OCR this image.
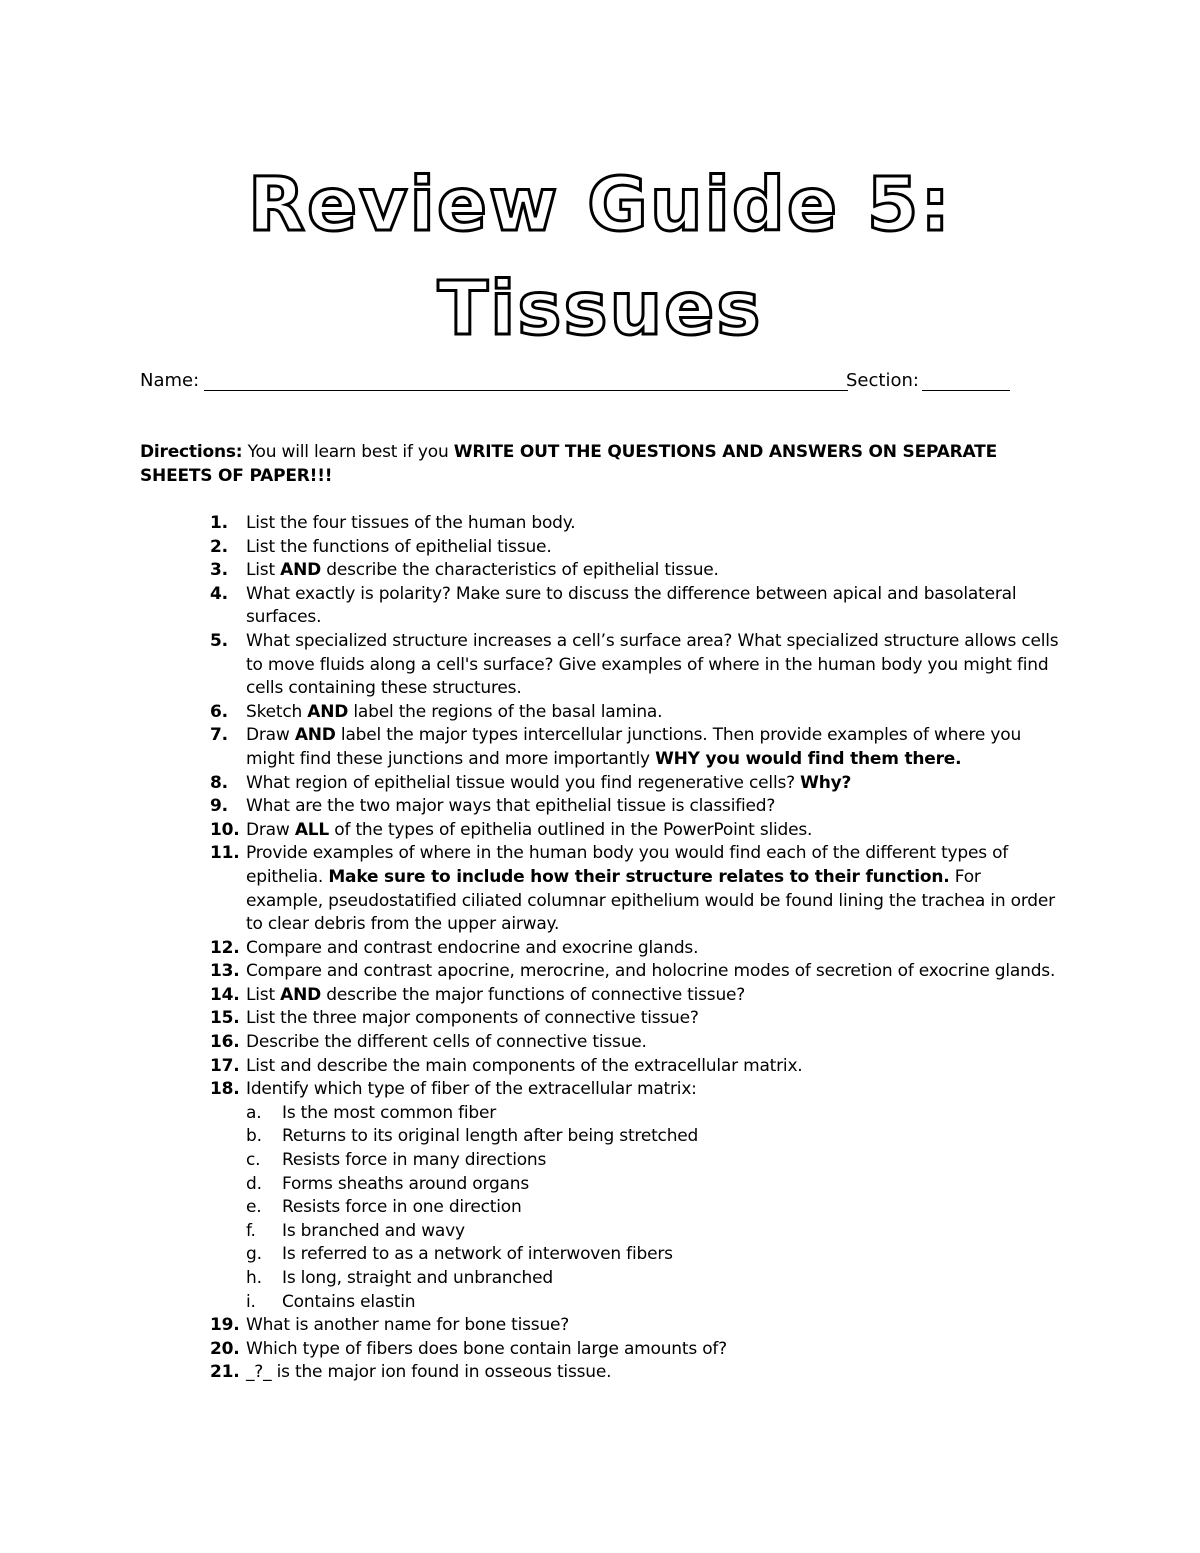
Review Guide 5:
Tissues
Name:	Section:
Directions: You will learn best if you WRITE OUT THE QUESTIONS AND ANSWERS ON SEPARATE SHEETS OF PAPER!!!
1.	List the four tissues of the human body.
2.	List the functions of epithelial tissue.
3.	List AND describe the characteristics of epithelial tissue.
4.	What exactly is polarity? Make sure to discuss the difference between apical and basolateral surfaces.
5.	What specialized structure increases a cell’s surface area? What specialized structure allows cells to move fluids along a cell's surface? Give examples of where in the human body you might find cells containing these structures.
6.	Sketch AND label the regions of the basal lamina.
7.	Draw AND label the major types intercellular junctions. Then provide examples of where you might find these junctions and more importantly WHY you would find them there.
8.	What region of epithelial tissue would you find regenerative cells? Why?
9.	What are the two major ways that epithelial tissue is classified?
10. Draw ALL of the types of epithelia outlined in the PowerPoint slides.
11. Provide examples of where in the human body you would find each of the different types of epithelia. Make sure to include how their structure relates to their function. For example, pseudostatified ciliated columnar epithelium would be found lining the trachea in order to clear debris from the upper airway.
12. Compare and contrast endocrine and exocrine glands.
13. Compare and contrast apocrine, merocrine, and holocrine modes of secretion of exocrine glands.
14. List AND describe the major functions of connective tissue?
15. List the three major components of connective tissue?
16. Describe the different cells of connective tissue.
17. List and describe the main components of the extracellular matrix.
18. Identify which type of fiber of the extracellular matrix:
a. Is the most common fiber
b. Returns to its original length after being stretched
c. Resists force in many directions
d. Forms sheaths around organs
e. Resists force in one direction
f. Is branched and wavy
g. Is referred to as a network of interwoven fibers
h. Is long, straight and unbranched
i. Contains elastin
19. What is another name for bone tissue?
20. Which type of fibers does bone contain large amounts of?
21. _?_ is the major ion found in osseous tissue.
